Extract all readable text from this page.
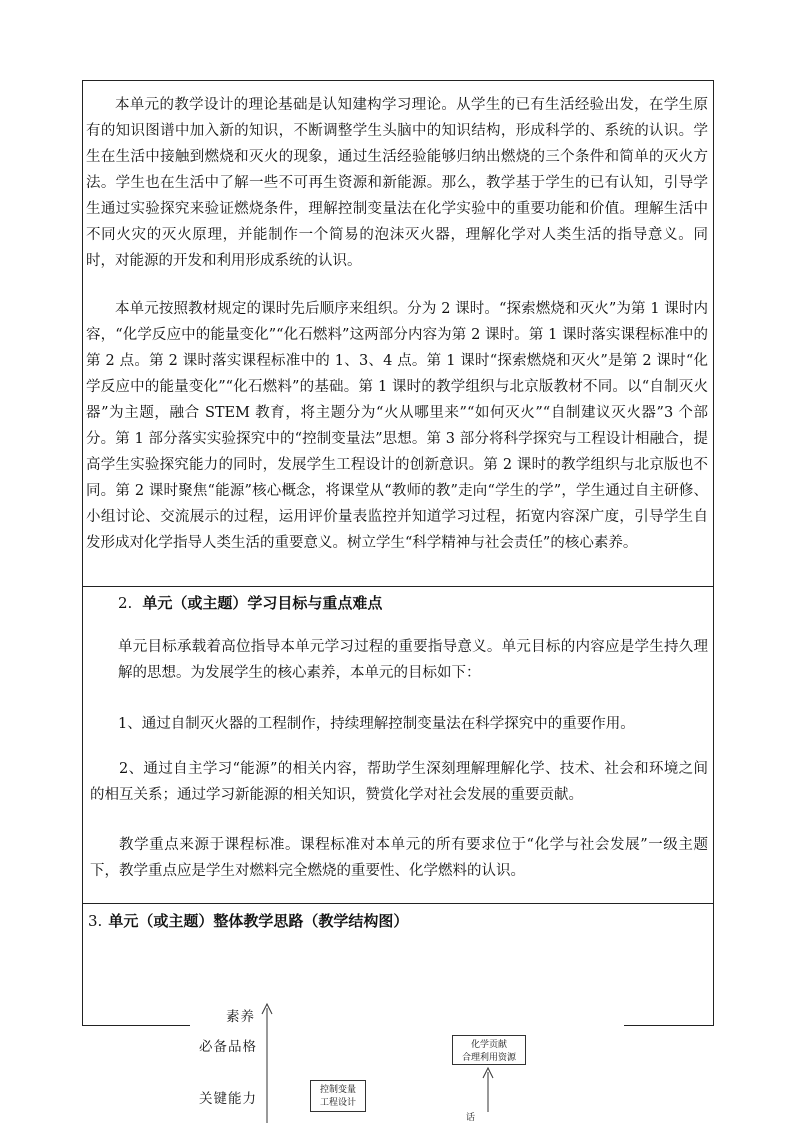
本单元的教学设计的理论基础是认知建构学习理论。从学生的已有生活经验出发，在学生原有的知识图谱中加入新的知识，不断调整学生头脑中的知识结构，形成科学的、系统的认识。学生在生活中接触到燃烧和灭火的现象，通过生活经验能够归纳出燃烧的三个条件和简单的灭火方法。学生也在生活中了解一些不可再生资源和新能源。那么，教学基于学生的已有认知，引导学生通过实验探究来验证燃烧条件，理解控制变量法在化学实验中的重要功能和价值。理解生活中不同火灾的灭火原理，并能制作一个简易的泡沫灭火器，理解化学对人类生活的指导意义。同时，对能源的开发和利用形成系统的认识。

本单元按照教材规定的课时先后顺序来组织。分为 2 课时。“探索燃烧和灭火”为第 1 课时内容，“化学反应中的能量变化”“化石燃料”这两部分内容为第 2 课时。第 1 课时落实课程标准中的第 2 点。第 2 课时落实课程标准中的 1、3、4 点。第 1 课时“探索燃烧和灭火”是第 2 课时“化学反应中的能量变化”“化石燃料”的基础。第 1 课时的教学组织与北京版教材不同。以“自制灭火器”为主题，融合 STEM 教育，将主题分为“火从哪里来”“如何灭火”“自制建议灭火器”3 个部分。第 1 部分落实实验探究中的“控制变量法”思想。第 3 部分将科学探究与工程设计相融合，提高学生实验探究能力的同时，发展学生工程设计的创新意识。第 2 课时的教学组织与北京版也不同。第 2 课时聚焦“能源”核心概念，将课堂从“教师的教”走向“学生的学”，学生通过自主研修、小组讨论、交流展示的过程，运用评价量表监控并知道学习过程，拓宽内容深广度，引导学生自发形成对化学指导人类生活的重要意义。树立学生“科学精神与社会责任”的核心素养。

2. 单元（或主题）学习目标与重点难点

单元目标承载着高位指导本单元学习过程的重要指导意义。单元目标的内容应是学生持久理解的思想。为发展学生的核心素养，本单元的目标如下：

1、通过自制灭火器的工程制作，持续理解控制变量法在科学探究中的重要作用。

2、通过自主学习“能源”的相关内容，帮助学生深刻理解理解化学、技术、社会和环境之间的相互关系；通过学习新能源的相关知识，赞赏化学对社会发展的重要贡献。

教学重点来源于课程标准。课程标准对本单元的所有要求位于“化学与社会发展”一级主题下，教学重点应是学生对燃料完全燃烧的重要性、化学燃料的认识。

3. 单元（或主题）整体教学思路（教学结构图）
素养
必备品格
关键能力
控制变量
工程设计
化学贡献
合理利用资源
话
